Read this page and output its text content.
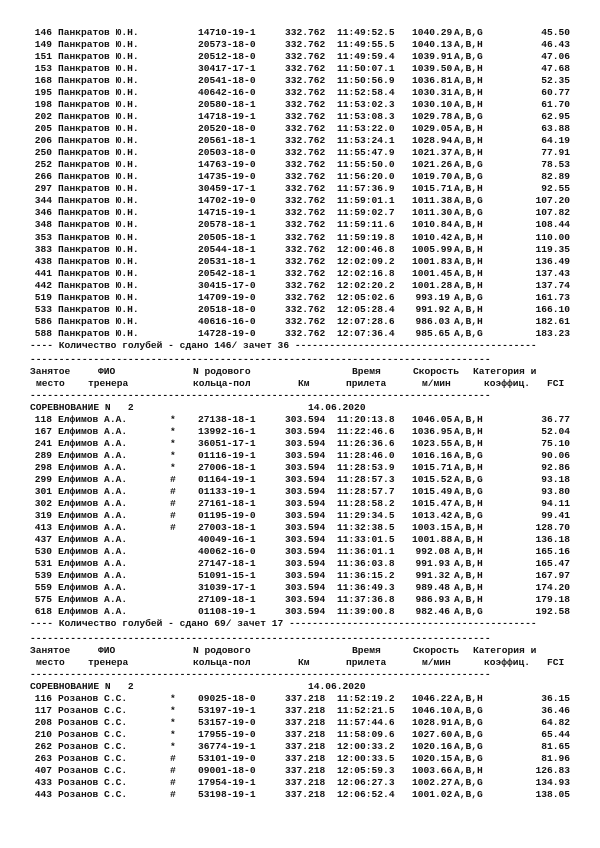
146 Панкратов Ю.Н.	14710-19-1	332.762 11:49:52.5 1040.29 A,B,G	45.50
149 Панкратов Ю.Н.	20573-18-0	332.762 11:49:55.5 1040.13 A,B,H	46.43
151 Панкратов Ю.Н.	20512-18-0	332.762 11:49:59.4 1039.91 A,B,G	47.06
153 Панкратов Ю.Н.	30417-17-1	332.762 11:50:07.1 1039.50 A,B,H	47.68
168 Панкратов Ю.Н.	20541-18-0	332.762 11:50:56.9 1036.81 A,B,H	52.35
195 Панкратов Ю.Н.	40642-16-0	332.762 11:52:58.4 1030.31 A,B,H	60.77
198 Панкратов Ю.Н.	20580-18-1	332.762 11:53:02.3 1030.10 A,B,H	61.70
202 Панкратов Ю.Н.	14718-19-1	332.762 11:53:08.3 1029.78 A,B,G	62.95
205 Панкратов Ю.Н.	20520-18-0	332.762 11:53:22.0 1029.05 A,B,H	63.88
206 Панкратов Ю.Н.	20561-18-1	332.762 11:53:24.1 1028.94 A,B,H	64.19
250 Панкратов Ю.Н.	20503-18-0	332.762 11:55:47.9 1021.37 A,B,H	77.91
252 Панкратов Ю.Н.	14763-19-0	332.762 11:55:50.0 1021.26 A,B,G	78.53
266 Панкратов Ю.Н.	14735-19-0	332.762 11:56:20.0 1019.70 A,B,G	82.89
297 Панкратов Ю.Н.	30459-17-1	332.762 11:57:36.9 1015.71 A,B,H	92.55
344 Панкратов Ю.Н.	14702-19-0	332.762 11:59:01.1 1011.38 A,B,G	107.20
346 Панкратов Ю.Н.	14715-19-1	332.762 11:59:02.7 1011.30 A,B,G	107.82
348 Панкратов Ю.Н.	20578-18-1	332.762 11:59:11.6 1010.84 A,B,H	108.44
353 Панкратов Ю.Н.	20505-18-1	332.762 11:59:19.8 1010.42 A,B,H	110.00
383 Панкратов Ю.Н.	20544-18-1	332.762 12:00:46.8 1005.99 A,B,H	119.35
438 Панкратов Ю.Н.	20531-18-1	332.762 12:02:09.2 1001.83 A,B,H	136.49
441 Панкратов Ю.Н.	20542-18-1	332.762 12:02:16.8 1001.45 A,B,H	137.43
442 Панкратов Ю.Н.	30415-17-0	332.762 12:02:20.2 1001.28 A,B,H	137.74
519 Панкратов Ю.Н.	14709-19-0	332.762 12:05:02.6	993.19 A,B,G	161.73
533 Панкратов Ю.Н.	20518-18-0	332.762 12:05:28.4	991.92 A,B,H	166.10
586 Панкратов Ю.Н.	40616-16-0	332.762 12:07:28.6	986.03 A,B,H	182.61
588 Панкратов Ю.Н.	14728-19-0	332.762 12:07:36.4	985.65 A,B,G	183.23
---- Количество голубей - сдано 146/ зачет 36 ------------------------------------------
--------------------------------------------------------------------------------
Занятое	ФИО	N родового	Время	Скорость Категория и
место тренера	кольца-пол	Км	прилета	м/мин	коэффиц. FCI
--------------------------------------------------------------------------------
СОРЕВНОВАНИЕ N   2	14.06.2020
118 Елфимов А.А.	* 27138-18-1	303.594 11:20:13.8 1046.05 A,B,H	36.77
167 Елфимов А.А.	* 13992-16-1	303.594 11:22:46.6 1036.95 A,B,H	52.04
241 Елфимов А.А.	* 36051-17-1	303.594 11:26:36.6 1023.55 A,B,H	75.10
289 Елфимов А.А.	* 01116-19-1	303.594 11:28:46.0 1016.16 A,B,G	90.06
298 Елфимов А.А.	* 27006-18-1	303.594 11:28:53.9 1015.71 A,B,H	92.86
299 Елфимов А.А.	# 01164-19-1	303.594 11:28:57.3 1015.52 A,B,G	93.18
301 Елфимов А.А.	# 01133-19-1	303.594 11:28:57.7 1015.49 A,B,G	93.80
302 Елфимов А.А.	# 27161-18-1	303.594 11:28:58.2 1015.47 A,B,H	94.11
319 Елфимов А.А.	# 01195-19-0	303.594 11:29:34.5 1013.42 A,B,G	99.41
413 Елфимов А.А.	# 27003-18-1	303.594 11:32:38.5 1003.15 A,B,H	128.70
437 Елфимов А.А.	40049-16-1	303.594 11:33:01.5 1001.88 A,B,H	136.18
530 Елфимов А.А.	40062-16-0	303.594 11:36:01.1	992.08 A,B,H	165.16
531 Елфимов А.А.	27147-18-1	303.594 11:36:03.8	991.93 A,B,H	165.47
539 Елфимов А.А.	51091-15-1	303.594 11:36:15.2	991.32 A,B,H	167.97
559 Елфимов А.А.	31039-17-1	303.594 11:36:49.3	989.48 A,B,H	174.20
575 Елфимов А.А.	27109-18-1	303.594 11:37:36.8	986.93 A,B,H	179.18
618 Елфимов А.А.	01108-19-1	303.594 11:39:00.8	982.46 A,B,G	192.58
---- Количество голубей - сдано 69/ зачет 17 -------------------------------------------
--------------------------------------------------------------------------------
Занятое	ФИО	N родового	Время	Скорость Категория и
место тренера	кольца-пол	Км	прилета	м/мин	коэффиц. FCI
--------------------------------------------------------------------------------
СОРЕВНОВАНИЕ N   2	14.06.2020
116 Розанов С.С.	* 09025-18-0	337.218 11:52:19.2 1046.22 A,B,H	36.15
117 Розанов С.С.	* 53197-19-1	337.218 11:52:21.5 1046.10 A,B,G	36.46
208 Розанов С.С.	* 53157-19-0	337.218 11:57:44.6 1028.91 A,B,G	64.82
210 Розанов С.С.	* 17955-19-0	337.218 11:58:09.6 1027.60 A,B,G	65.44
262 Розанов С.С.	* 36774-19-1	337.218 12:00:33.2 1020.16 A,B,G	81.65
263 Розанов С.С.	# 53101-19-0	337.218 12:00:33.5 1020.15 A,B,G	81.96
407 Розанов С.С.	# 09001-18-0	337.218 12:05:59.3 1003.66 A,B,H	126.83
433 Розанов С.С.	# 17954-19-1	337.218 12:06:27.3 1002.27 A,B,G	134.93
443 Розанов С.С.	# 53198-19-1	337.218 12:06:52.4 1001.02 A,B,G	138.05
